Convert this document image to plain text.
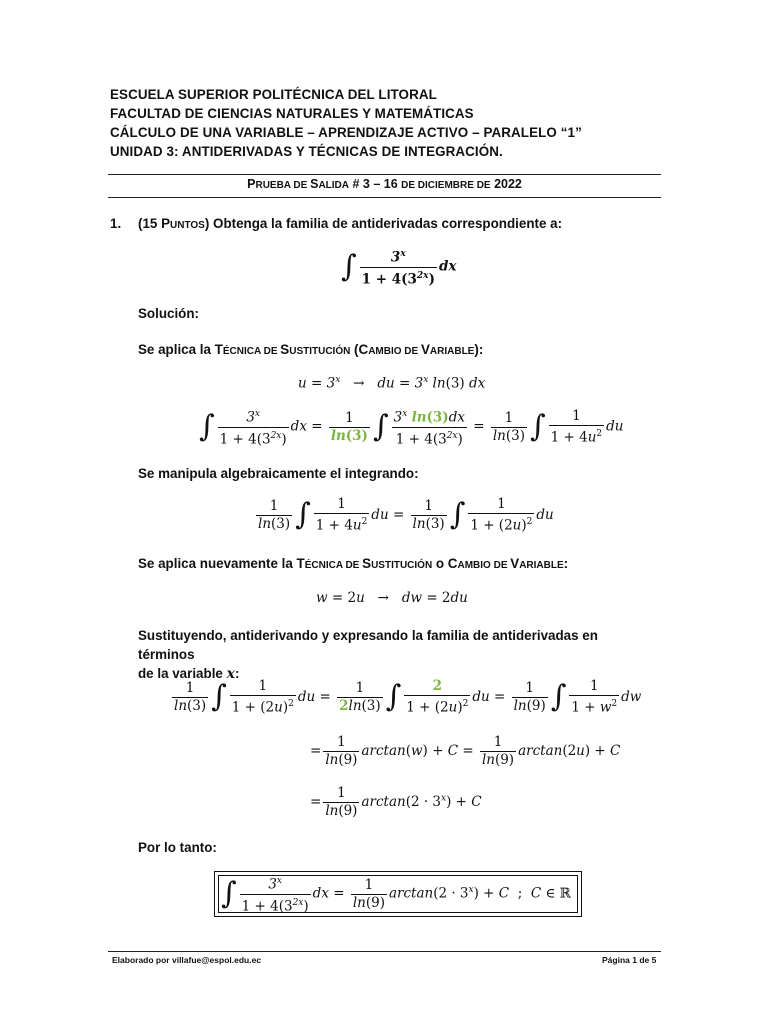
ESCUELA SUPERIOR POLITÉCNICA DEL LITORAL
FACULTAD DE CIENCIAS NATURALES Y MATEMÁTICAS
CÁLCULO DE UNA VARIABLE – APRENDIZAJE ACTIVO – PARALELO “1”
UNIDAD 3: ANTIDERIVADAS Y TÉCNICAS DE INTEGRACIÓN.
PRUEBA DE SALIDA # 3 – 16 DE DICIEMBRE DE 2022
1. (15 PUNTOS) Obtenga la familia de antiderivadas correspondiente a:
∫ $\frac{3^x}{1 + 4(3^{2x})}$ dx
Solución:
Se aplica la TÉCNICA DE SUSTITUCIÓN (CAMBIO DE VARIABLE):
$u = 3^x$ →   du = $3^x$ ln(3) dx
∫ $\frac{3^x}{1 + 4(3^{2x})}$ dx = $\frac{1}{\ln(3)}$ ∫ $\frac{3^x \ln(3)dx}{1 + 4(3^{2x})} = \frac{1}{\ln(3)}$ ∫ $\frac{1}{1 + 4u^2}$ du
Se manipula algebraicamente el integrando:
$\frac{1}{\ln(3)}$ ∫ $\frac{1}{1 + 4u^2}$ du = $\frac{1}{\ln(3)}$ ∫ $\frac{1}{1 + (2u)^2}$ du
Se aplica nuevamente la TÉCNICA DE SUSTITUCIÓN o CAMBIO DE VARIABLE:
w = 2u   →   dw = 2du
Sustituyendo, antiderivando y expresando la familia de antiderivadas en términos
de la variable x:
$\frac{1}{\ln(3)}$ ∫ $\frac{1}{1 + (2u)^2}$ du = $\frac{1}{2\ln(3)}$ ∫ $\frac{2}{1 + (2u)^2}$ du = $\frac{1}{\ln(9)}$ ∫ $\frac{1}{1 + w^2}$ dw
= $\frac{1}{\ln(9)} \arctan(w) + C = \frac{1}{\ln(9)} \arctan(2u) + C$
= $\frac{1}{\ln(9)} \arctan(2 \cdot 3^x) + C$
Por lo tanto:
∫ $\frac{3^x}{1 + 4(3^{2x})}$ dx = $\frac{1}{\ln(9)} \arctan(2 \cdot 3^x) + C$  ;  C ∈ ℝ
Elaborado por villafue@espol.edu.ec	Página 1 de 5
